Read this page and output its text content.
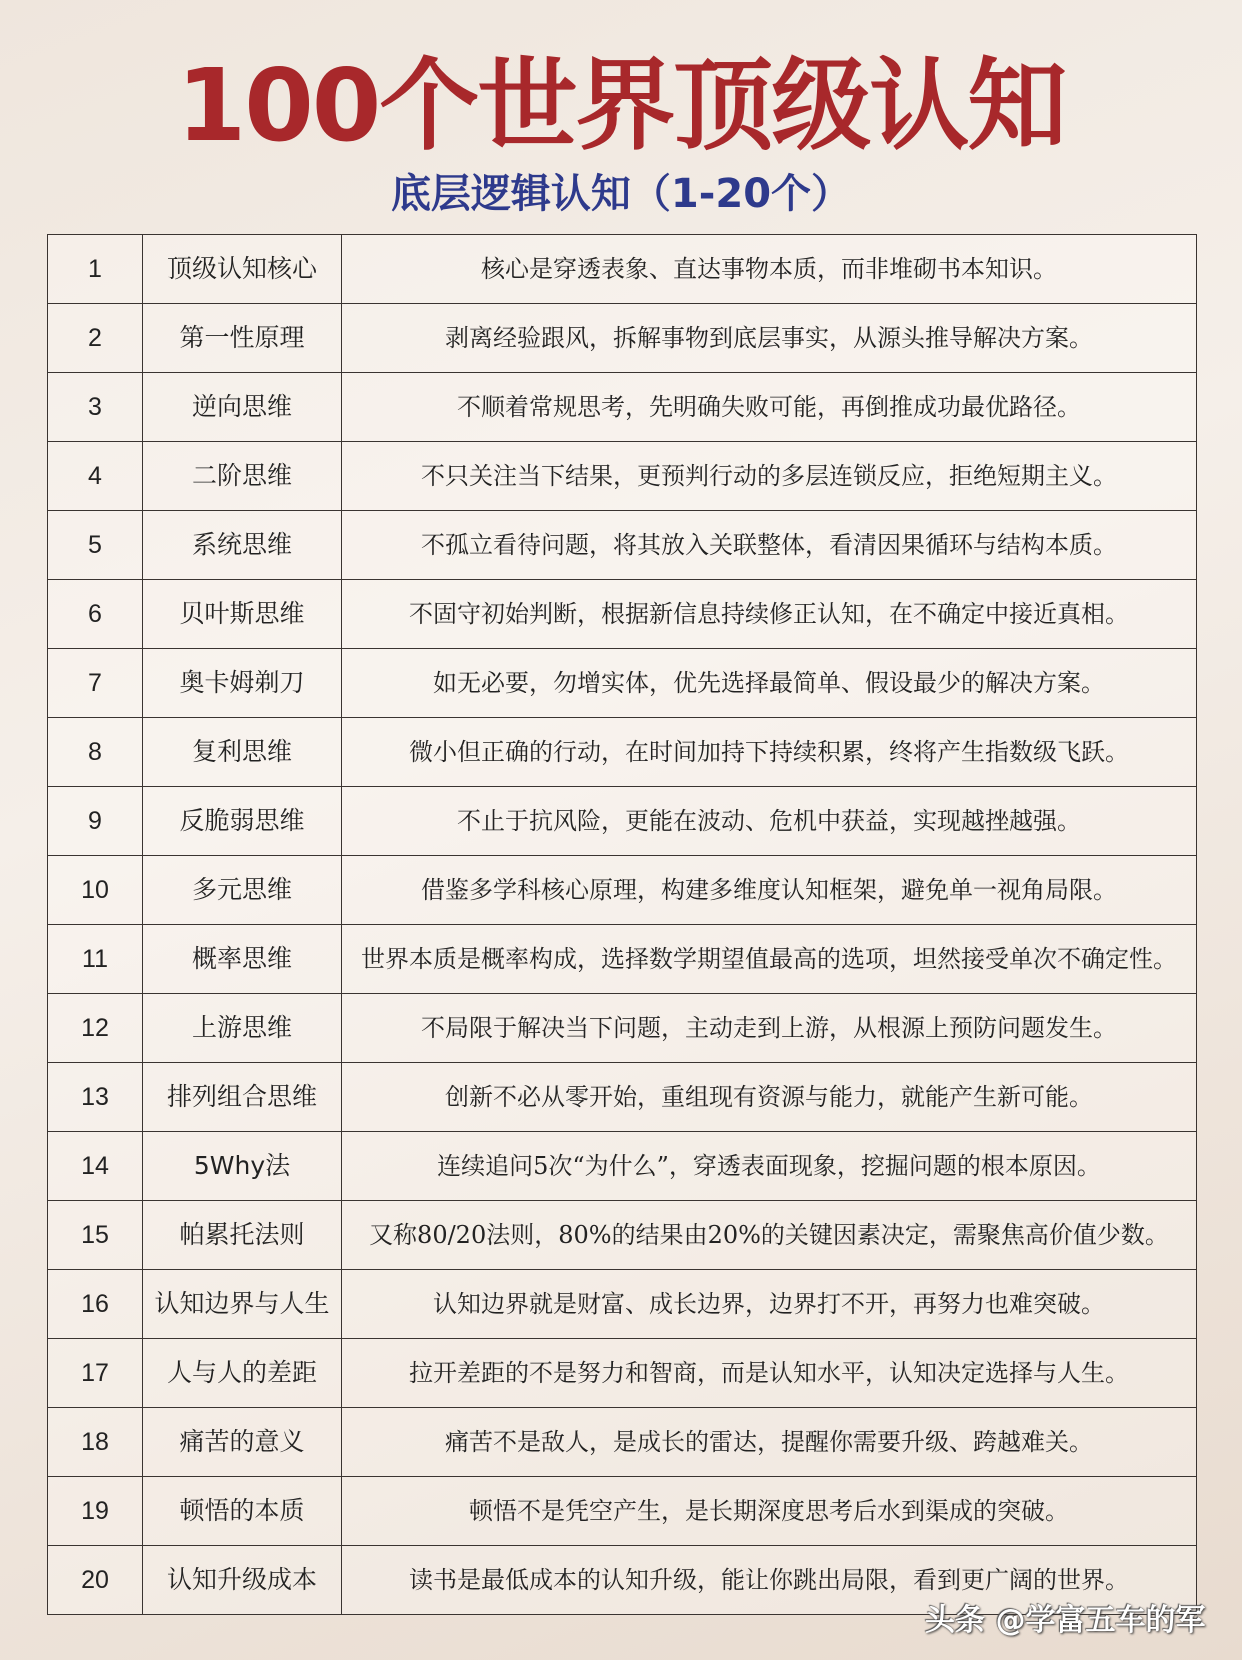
100个世界顶级认知
底层逻辑认知（1-20个）
1	顶级认知核心	核心是穿透表象、直达事物本质，而非堆砌书本知识。
2	第一性原理	剥离经验跟风，拆解事物到底层事实，从源头推导解决方案。
3	逆向思维	不顺着常规思考，先明确失败可能，再倒推成功最优路径。
4	二阶思维	不只关注当下结果，更预判行动的多层连锁反应，拒绝短期主义。
5	系统思维	不孤立看待问题，将其放入关联整体，看清因果循环与结构本质。
6	贝叶斯思维	不固守初始判断，根据新信息持续修正认知，在不确定中接近真相。
7	奥卡姆剃刀	如无必要，勿增实体，优先选择最简单、假设最少的解决方案。
8	复利思维	微小但正确的行动，在时间加持下持续积累，终将产生指数级飞跃。
9	反脆弱思维	不止于抗风险，更能在波动、危机中获益，实现越挫越强。
10	多元思维	借鉴多学科核心原理，构建多维度认知框架，避免单一视角局限。
11	概率思维	世界本质是概率构成，选择数学期望值最高的选项，坦然接受单次不确定性。
12	上游思维	不局限于解决当下问题，主动走到上游，从根源上预防问题发生。
13	排列组合思维	创新不必从零开始，重组现有资源与能力，就能产生新可能。
14	5Why法	连续追问5次“为什么”，穿透表面现象，挖掘问题的根本原因。
15	帕累托法则	又称80/20法则，80%的结果由20%的关键因素决定，需聚焦高价值少数。
16	认知边界与人生	认知边界就是财富、成长边界，边界打不开，再努力也难突破。
17	人与人的差距	拉开差距的不是努力和智商，而是认知水平，认知决定选择与人生。
18	痛苦的意义	痛苦不是敌人，是成长的雷达，提醒你需要升级、跨越难关。
19	顿悟的本质	顿悟不是凭空产生，是长期深度思考后水到渠成的突破。
20	认知升级成本	读书是最低成本的认知升级，能让你跳出局限，看到更广阔的世界。
头条 @学富五车的军
